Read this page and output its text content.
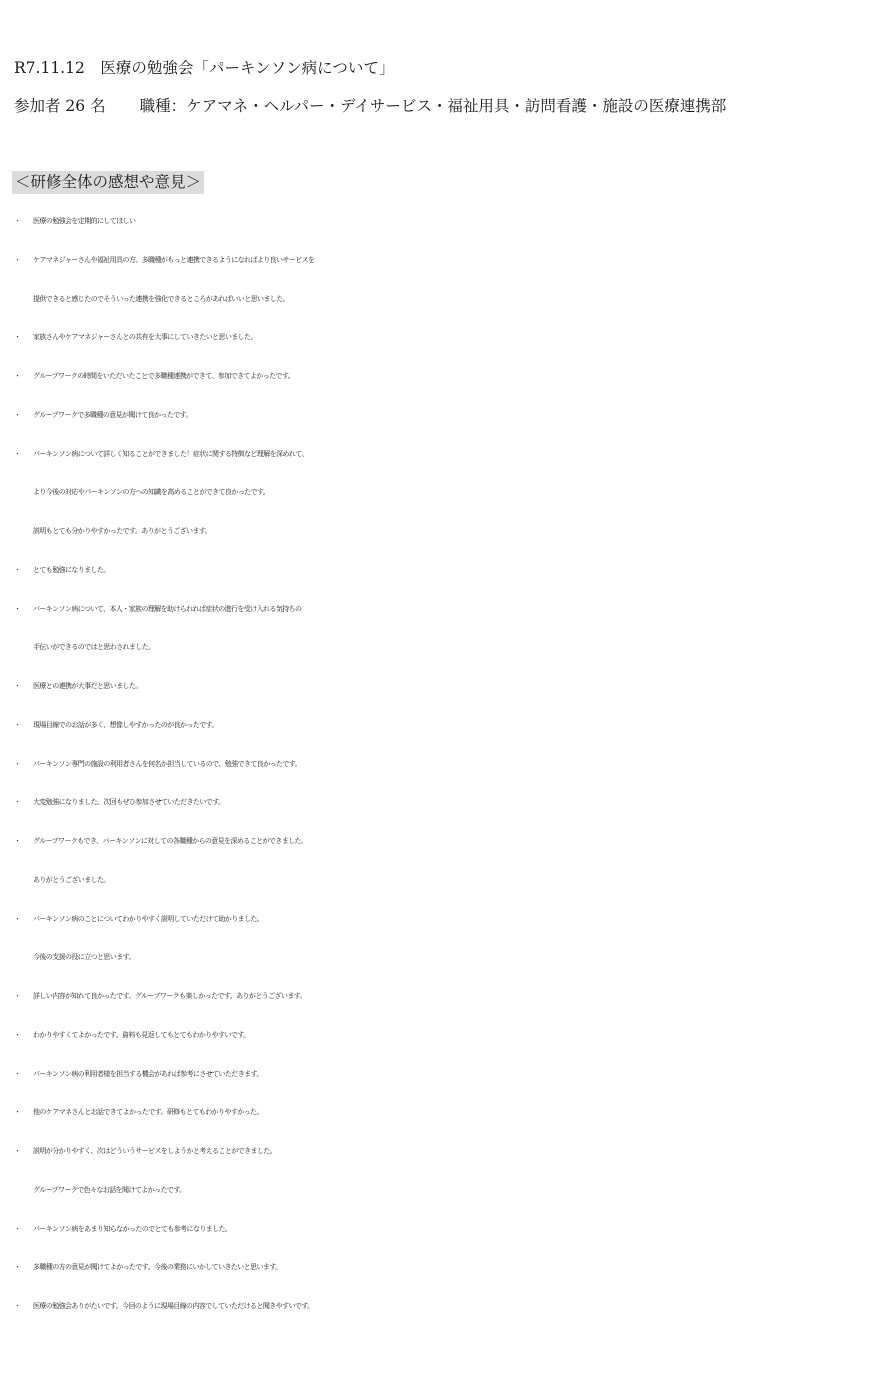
R7.11.12　医療の勉強会「パーキンソン病について」
参加者 26 名 職種：ケアマネ・ヘルパー・デイサービス・福祉用具・訪問看護・施設の医療連携部
＜研修全体の感想や意見＞
・ 医療の勉強会を定期的にしてほしい
・ ケアマネジャーさんや福祉用具の方、多職種がもっと連携できるようになればより良いサービスを
提供できると感じたのでそういった連携を強化できるところがあればいいと思いました。
・ 家族さんやケアマネジャーさんとの共有を大事にしていきたいと思いました。
・ グループワークの時間をいただいたことで多職種連携ができて、参加できてよかったです。
・ グループワークで多職種の意見が聞けて良かったです。
・ パーキンソン病について詳しく知ることができました！症状に関する特徴など理解を深めれて、
より今後の対応やパーキンソンの方への知識を高めることができて良かったです。
説明もとても分かりやすかったです。ありがとうございます。
・ とても勉強になりました。
・ パーキンソン病について、本人・家族の理解を助けられれば症状の進行を受け入れる気持ちの
手伝いができるのではと思わされました。
・ 医療との連携が大事だと思いました。
・ 現場目線でのお話が多く、想像しやすかったのが良かったです。
・ パーキンソン専門の施設の利用者さんを何名か担当しているので、勉強できて良かったです。
・ 大変勉強になりました。次回もぜひ参加させていただきたいです。
・ グループワークもでき、パーキンソンに対しての各職種からの意見を深めることができました。
ありがとうございました。
・ パーキンソン病のことについてわかりやすく説明していただけて助かりました。
今後の支援の役に立つと思います。
・ 詳しい内容が知れて良かったです。グループワークも楽しかったです。ありがとうございます。
・ わかりやすくてよかったです。資料も見返してもとてもわかりやすいです。
・ パーキンソン病の利用者様を担当する機会があれば参考にさせていただきます。
・ 他のケアマネさんとお話できてよかったです。研修もとてもわかりやすかった。
・ 説明が分かりやすく、次はどういうサービスをしようかと考えることができました。
グループワークで色々なお話を聞けてよかったです。
・ パーキンソン病をあまり知らなかったのでとても参考になりました。
・ 多職種の方の意見が聞けてよかったです。今後の業務にいかしていきたいと思います。
・ 医療の勉強会ありがたいです。今回のように現場目線の内容でしていただけると聞きやすいです。
